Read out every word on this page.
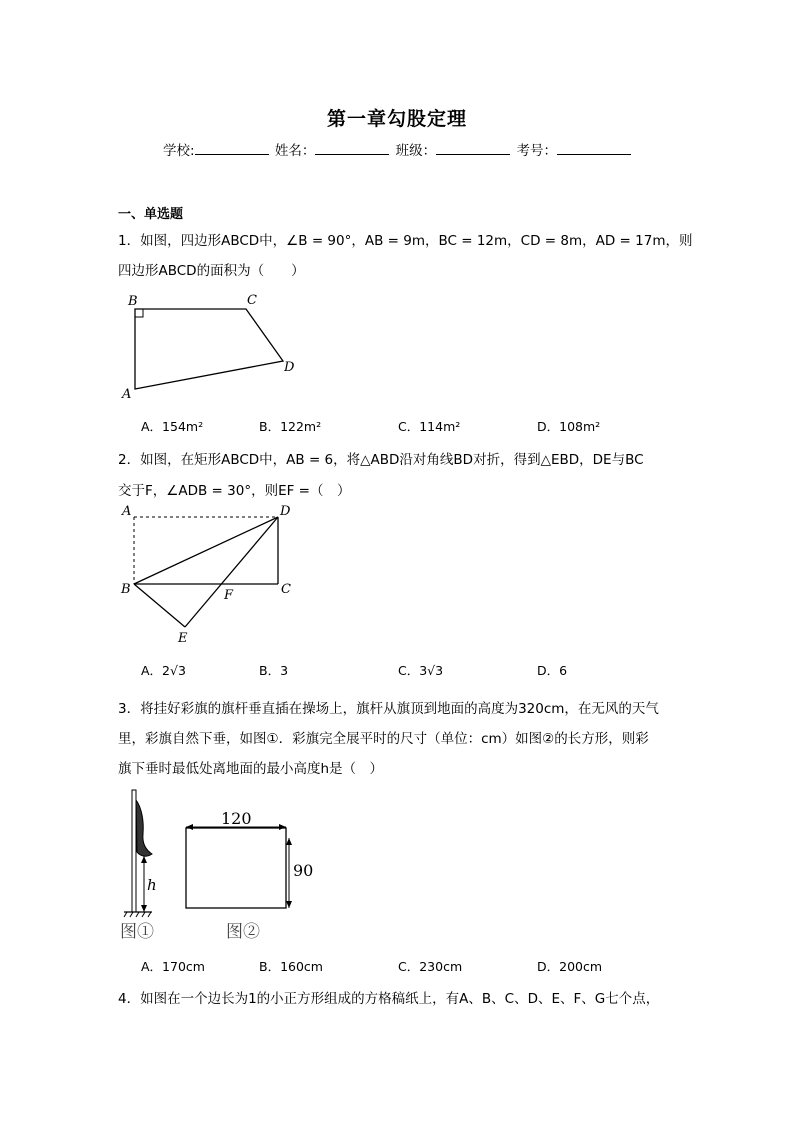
第一章勾股定理
学校:	姓名：	班级：	考号：
一、单选题
1．如图，四边形ABCD中，∠B = 90°，AB = 9m，BC = 12m，CD = 8m，AD = 17m，则
四边形ABCD的面积为（　　）
B	C
D
A
A．154m²	B．122m²	C．114m²	D．108m²
2．如图，在矩形ABCD中，AB = 6，将△ABD沿对角线BD对折，得到△EBD，DE与BC
交于F，∠ADB = 30°，则EF =（　）
A	D
B	C
F
E
A．2√3	B．3	C．3√3	D．6
3．将挂好彩旗的旗杆垂直插在操场上，旗杆从旗顶到地面的高度为320cm，在无风的天气
里，彩旗自然下垂，如图①．彩旗完全展平时的尺寸（单位：cm）如图②的长方形，则彩
旗下垂时最低处离地面的最小高度h是（　）
h
图①
120
90
图②
A．170cm	B．160cm	C．230cm	D．200cm
4．如图在一个边长为1的小正方形组成的方格稿纸上，有A、B、C、D、E、F、G七个点，
